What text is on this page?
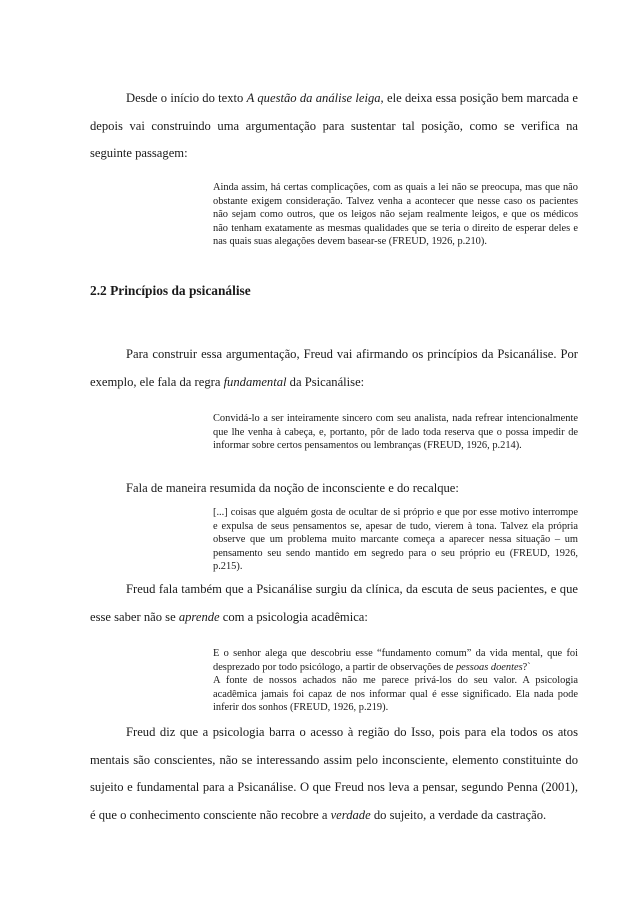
Desde o início do texto A questão da análise leiga, ele deixa essa posição bem marcada e depois vai construindo uma argumentação para sustentar tal posição, como se verifica na seguinte passagem:

Ainda assim, há certas complicações, com as quais a lei não se preocupa, mas que não obstante exigem consideração. Talvez venha a acontecer que nesse caso os pacientes não sejam como outros, que os leigos não sejam realmente leigos, e que os médicos não tenham exatamente as mesmas qualidades que se teria o direito de esperar deles e nas quais suas alegações devem basear-se (FREUD, 1926, p.210).

2.2 Princípios da psicanálise

Para construir essa argumentação, Freud vai afirmando os princípios da Psicanálise. Por exemplo, ele fala da regra fundamental da Psicanálise:

Convidá-lo a ser inteiramente sincero com seu analista, nada refrear intencionalmente que lhe venha à cabeça, e, portanto, pôr de lado toda reserva que o possa impedir de informar sobre certos pensamentos ou lembranças (FREUD, 1926, p.214).

Fala de maneira resumida da noção de inconsciente e do recalque:

[...] coisas que alguém gosta de ocultar de si próprio e que por esse motivo interrompe e expulsa de seus pensamentos se, apesar de tudo, vierem à tona. Talvez ela própria observe que um problema muito marcante começa a aparecer nessa situação – um pensamento seu sendo mantido em segredo para o seu próprio eu (FREUD, 1926, p.215).

Freud fala também que a Psicanálise surgiu da clínica, da escuta de seus pacientes, e que esse saber não se aprende com a psicologia acadêmica:

E o senhor alega que descobriu esse “fundamento comum” da vida mental, que foi desprezado por todo psicólogo, a partir de observações de pessoas doentes?`
A fonte de nossos achados não me parece privá-los do seu valor. A psicologia acadêmica jamais foi capaz de nos informar qual é esse significado. Ela nada pode inferir dos sonhos (FREUD, 1926, p.219).

Freud diz que a psicologia barra o acesso à região do Isso, pois para ela todos os atos mentais são conscientes, não se interessando assim pelo inconsciente, elemento constituinte do sujeito e fundamental para a Psicanálise. O que Freud nos leva a pensar, segundo Penna (2001), é que o conhecimento consciente não recobre a verdade do sujeito, a verdade da castração.
